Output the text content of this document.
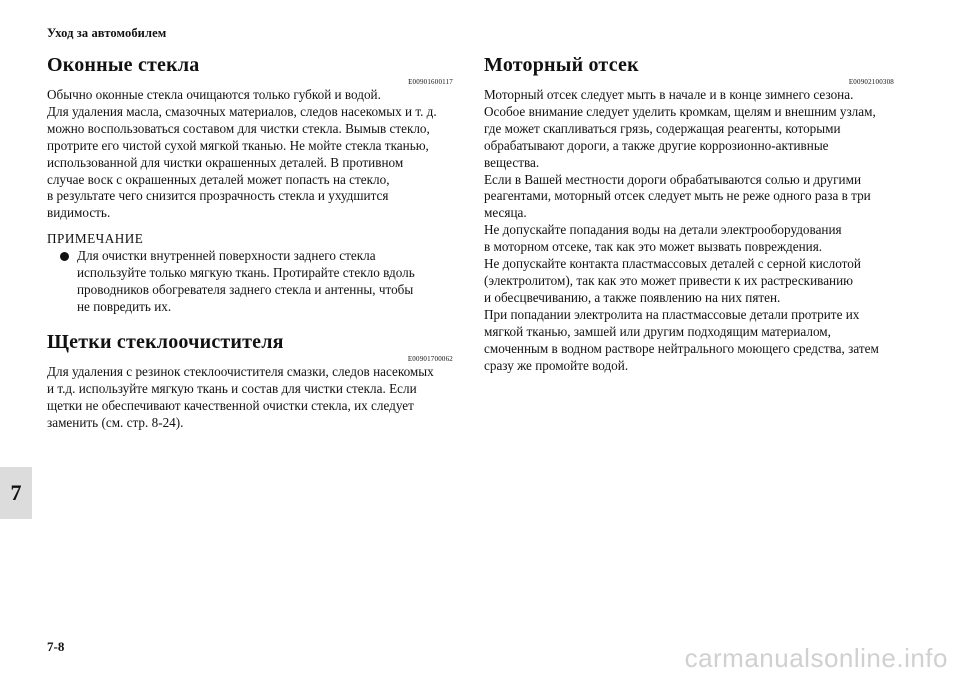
Уход за автомобилем
Оконные стекла
E00901600117
Обычно оконные стекла очищаются только губкой и водой.
Для удаления масла, смазочных материалов, следов насекомых и т. д.
можно воспользоваться составом для чистки стекла. Вымыв стекло,
протрите его чистой сухой мягкой тканью. Не мойте стекла тканью,
использованной для чистки окрашенных деталей. В противном
случае воск с окрашенных деталей может попасть на стекло,
в результате чего снизится прозрачность стекла и ухудшится
видимость.
ПРИМЕЧАНИЕ
Для очистки внутренней поверхности заднего стекла
используйте только мягкую ткань. Протирайте стекло вдоль
проводников обогревателя заднего стекла и антенны, чтобы
не повредить их.
Щетки стеклоочистителя
E00901700062
Для удаления с резинок стеклоочистителя смазки, следов насекомых
и т.д. используйте мягкую ткань и состав для чистки стекла. Если
щетки не обеспечивают качественной очистки стекла, их следует
заменить (см. стр. 8-24).
Моторный отсек
E00902100308
Моторный отсек следует мыть в начале и в конце зимнего сезона.
Особое внимание следует уделить кромкам, щелям и внешним узлам,
где может скапливаться грязь, содержащая реагенты, которыми
обрабатывают дороги, а также другие коррозионно-активные
вещества.
Если в Вашей местности дороги обрабатываются солью и другими
реагентами, моторный отсек следует мыть не реже одного раза в три
месяца.
Не допускайте попадания воды на детали электрооборудования
в моторном отсеке, так как это может вызвать повреждения.
Не допускайте контакта пластмассовых деталей с серной кислотой
(электролитом), так как это может привести к их растрескиванию
и обесцвечиванию, а также появлению на них пятен.
При попадании электролита на пластмассовые детали протрите их
мягкой тканью, замшей или другим подходящим материалом,
смоченным в водном растворе нейтрального моющего средства, затем
сразу же промойте водой.
7
7-8	carmanualsonline.info
